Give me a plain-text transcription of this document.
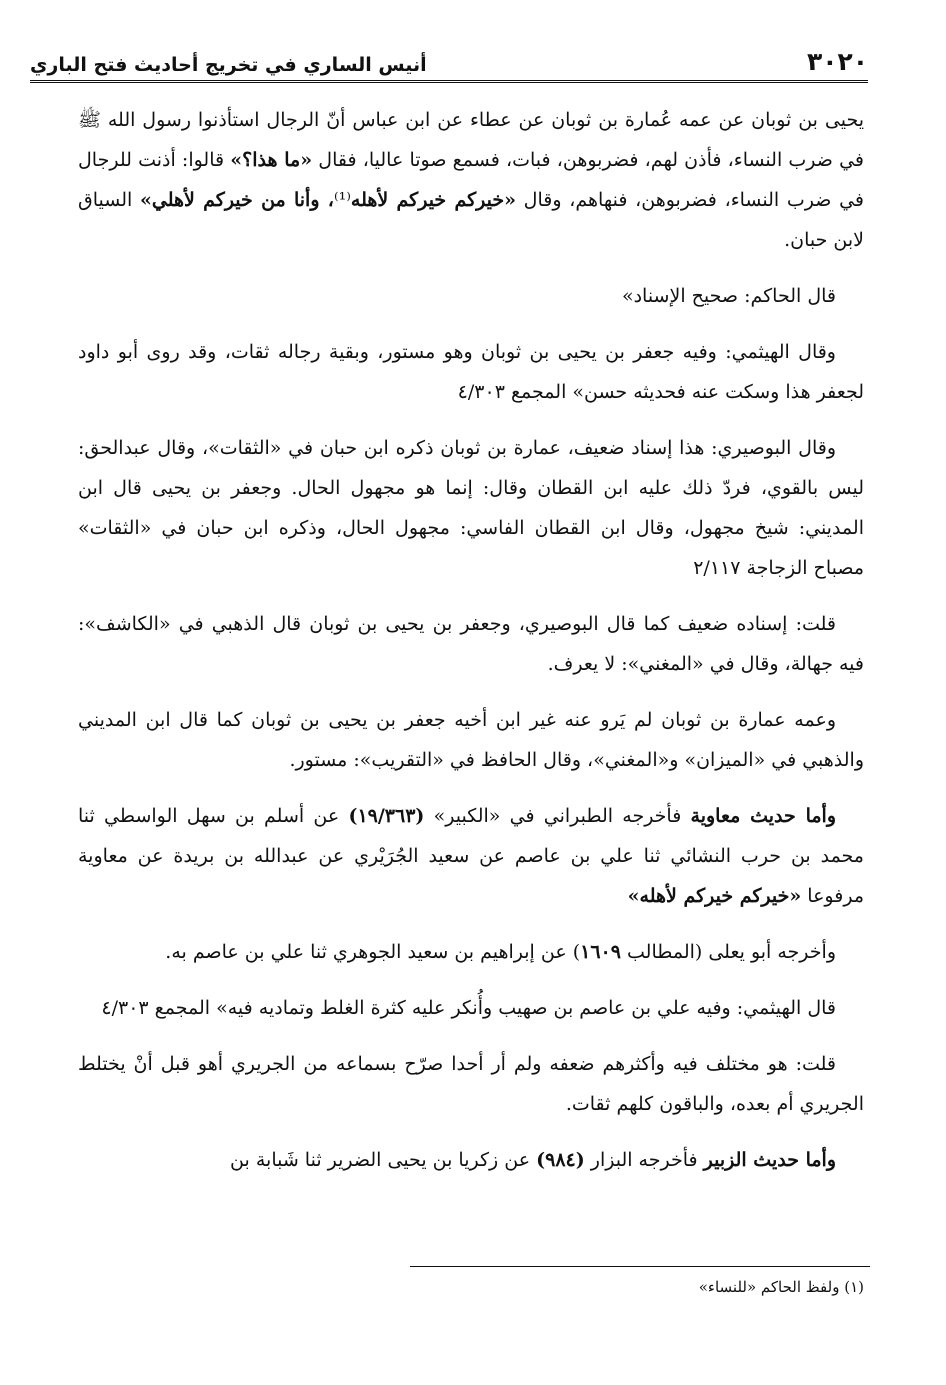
٣٠٢٠
أنيس الساري في تخريج أحاديث فتح الباري

يحيى بن ثوبان عن عمه عُمارة بن ثوبان عن عطاء عن ابن عباس أنّ الرجال استأذنوا رسول الله ﷺ في ضرب النساء، فأذن لهم، فضربوهن، فبات، فسمع صوتا عاليا، فقال «ما هذا؟» قالوا: أذنت للرجال في ضرب النساء، فضربوهن، فنهاهم، وقال «خيركم خيركم لأهله⁽¹⁾، وأنا من خيركم لأهلي» السياق لابن حبان.

قال الحاكم: صحيح الإسناد»

وقال الهيثمي: وفيه جعفر بن يحيى بن ثوبان وهو مستور، وبقية رجاله ثقات، وقد روى أبو داود لجعفر هذا وسكت عنه فحديثه حسن» المجمع ٤/٣٠٣

وقال البوصيري: هذا إسناد ضعيف، عمارة بن ثوبان ذكره ابن حبان في «الثقات»، وقال عبدالحق: ليس بالقوي، فردّ ذلك عليه ابن القطان وقال: إنما هو مجهول الحال. وجعفر بن يحيى قال ابن المديني: شيخ مجهول، وقال ابن القطان الفاسي: مجهول الحال، وذكره ابن حبان في «الثقات» مصباح الزجاجة ٢/١١٧

قلت: إسناده ضعيف كما قال البوصيري، وجعفر بن يحيى بن ثوبان قال الذهبي في «الكاشف»: فيه جهالة، وقال في «المغني»: لا يعرف.

وعمه عمارة بن ثوبان لم يَرو عنه غير ابن أخيه جعفر بن يحيى بن ثوبان كما قال ابن المديني والذهبي في «الميزان» و«المغني»، وقال الحافظ في «التقريب»: مستور.

وأما حديث معاوية فأخرجه الطبراني في «الكبير» (١٩/٣٦٣) عن أسلم بن سهل الواسطي ثنا محمد بن حرب النشائي ثنا علي بن عاصم عن سعيد الجُرَيْري عن عبدالله بن بريدة عن معاوية مرفوعا «خيركم خيركم لأهله»

وأخرجه أبو يعلى (المطالب ١٦٠٩) عن إبراهيم بن سعيد الجوهري ثنا علي بن عاصم به.

قال الهيثمي: وفيه علي بن عاصم بن صهيب وأُنكر عليه كثرة الغلط وتماديه فيه» المجمع ٤/٣٠٣

قلت: هو مختلف فيه وأكثرهم ضعفه ولم أر أحدا صرّح بسماعه من الجريري أهو قبل أنْ يختلط الجريري أم بعده، والباقون كلهم ثقات.

وأما حديث الزبير فأخرجه البزار (٩٨٤) عن زكريا بن يحيى الضرير ثنا شَبابة بن

(١) ولفظ الحاكم «للنساء»
